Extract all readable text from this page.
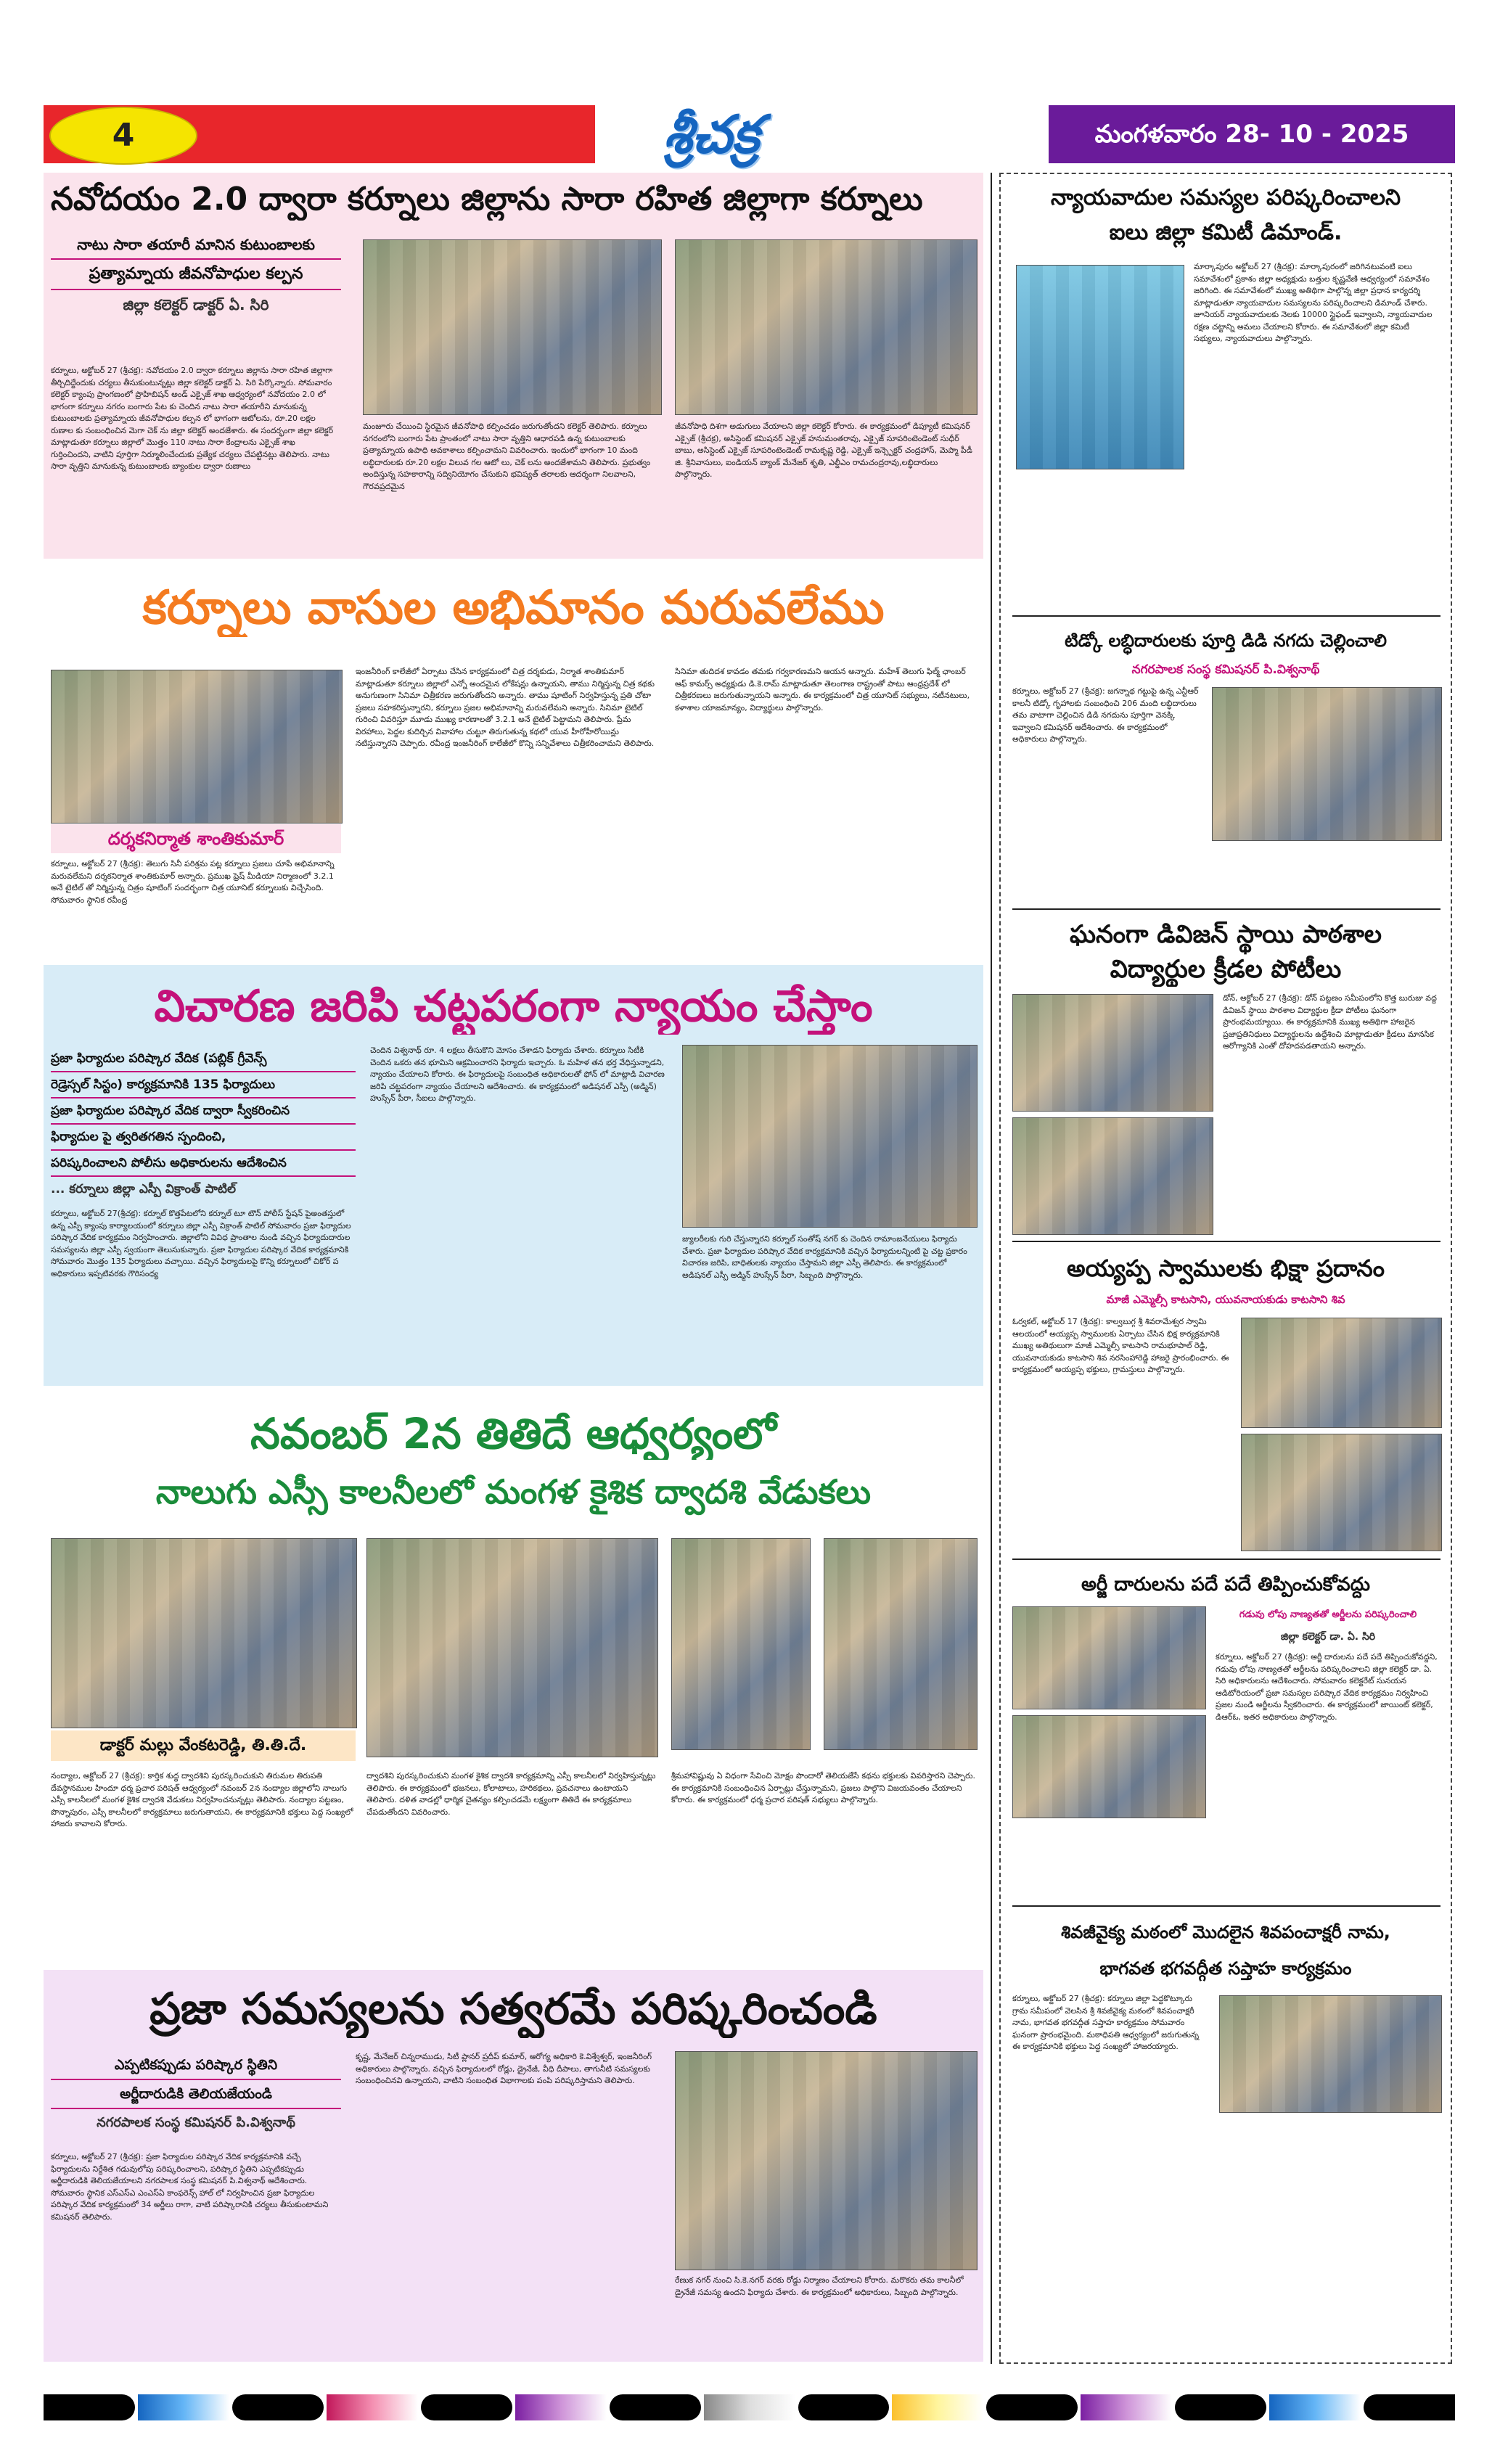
4	శ్రీచక్ర	మంగళవారం 28- 10 - 2025
నవోదయం 2.0 ద్వారా కర్నూలు జిల్లాను సారా రహిత జిల్లాగా కర్నూలు
నాటు సారా తయారీ మానిన కుటుంబాలకు
ప్రత్యామ్నాయ జీవనోపాధుల కల్పన
జిల్లా కలెక్టర్ డాక్టర్ ఏ. సిరి
కర్నూలు, అక్టోబర్ 27 (శ్రీచక్ర): నవోదయం 2.0 ద్వారా కర్నూలు జిల్లాను సారా రహిత జిల్లాగా తీర్చిదిద్దేందుకు చర్యలు తీసుకుంటున్నట్లు జిల్లా కలెక్టర్ డాక్టర్ ఏ. సిరి పేర్కొన్నారు. సోమవారం కలెక్టర్ క్యాంపు ప్రాంగణంలో ప్రొహిబిషన్ అండ్ ఎక్సైజ్ శాఖ ఆధ్వర్యంలో నవోదయం 2.0 లో భాగంగా కర్నూలు నగరం బంగారు పేట కు చెందిన నాటు సారా తయారీని మానుకున్న కుటుంబాలకు ప్రత్యామ్నాయ జీవనోపాధుల కల్పన లో భాగంగా ఆటోలను, రూ.20 లక్షల రుణాల కు సంబంధించిన మెగా చెక్ ను జిల్లా కలెక్టర్ అందజేశారు. ఈ సందర్భంగా జిల్లా కలెక్టర్ మాట్లాడుతూ కర్నూలు జిల్లాలో మొత్తం 110 నాటు సారా కేంద్రాలను ఎక్సైజ్ శాఖ గుర్తించిందని, వాటిని పూర్తిగా నిర్మూలించేందుకు ప్రత్యేక చర్యలు చేపట్టినట్లు తెలిపారు. నాటు సారా వృత్తిని మానుకున్న కుటుంబాలకు బ్యాంకుల ద్వారా రుణాలు
మంజూరు చేయించి స్థిరమైన జీవనోపాధి కల్పించడం జరుగుతోందని కలెక్టర్ తెలిపారు. కర్నూలు నగరంలోని బంగారు పేట ప్రాంతంలో నాటు సారా వృత్తిని ఆధారపడి ఉన్న కుటుంబాలకు ప్రత్యామ్నాయ ఉపాధి అవకాశాలు కల్పించామని వివరించారు. ఇందులో భాగంగా 10 మంది లబ్ధిదారులకు రూ.20 లక్షల విలువ గల ఆటో లు, చెక్ లను అందజేశామని తెలిపారు. ప్రభుత్వం అందిస్తున్న సహకారాన్ని సద్వినియోగం చేసుకుని భవిష్యత్ తరాలకు ఆదర్శంగా నిలవాలని, గౌరవప్రదమైన
జీవనోపాధి దిశగా అడుగులు వేయాలని జిల్లా కలెక్టర్ కోరారు. ఈ కార్యక్రమంలో డిప్యూటీ కమిషనర్ ఎక్సైజ్ (శ్రీచక్ర), అసిస్టెంట్ కమిషనర్ ఎక్సైజ్ హనుమంతరావు, ఎక్సైజ్ సూపరింటెండెంట్ సుధీర్ బాబు, అసిస్టెంట్ ఎక్సైజ్ సూపరింటెండెంట్ రామకృష్ణ రెడ్డి, ఎక్సైజ్ ఇన్స్పెక్టర్ చంద్రహాస్, మెప్మా పీడీ జి. శ్రీనివాసులు, ఐండియన్ బ్యాంక్ మేనేజర్ శృతి, ఎల్డీఎం రామచంద్రరావు,లబ్ధిదారులు పాల్గొన్నారు.
కర్నూలు వాసుల అభిమానం మరువలేము
దర్శకనిర్మాత శాంతికుమార్
కర్నూలు, అక్టోబర్ 27 (శ్రీచక్ర): తెలుగు సినీ పరిశ్రమ పట్ల కర్నూలు ప్రజలు చూపే అభిమానాన్ని మరువలేమని దర్శకనిర్మాత శాంతికుమార్ అన్నారు. ప్రముఖ ఫ్రెష్ మీడియా నిర్మాణంలో 3.2.1 అనే టైటిల్ తో నిర్మిస్తున్న చిత్రం షూటింగ్ సందర్భంగా చిత్ర యూనిట్ కర్నూలుకు విచ్చేసింది. సోమవారం స్థానిక రవీంద్ర
ఇంజనీరింగ్ కాలేజీలో ఏర్పాటు చేసిన కార్యక్రమంలో చిత్ర దర్శకుడు, నిర్మాత శాంతికుమార్ మాట్లాడుతూ కర్నూలు జిల్లాలో ఎన్నో అందమైన లోకేషన్లు ఉన్నాయని, తాము నిర్మిస్తున్న చిత్ర కథకు అనుగుణంగా సినిమా చిత్రీకరణ జరుగుతోందని అన్నారు. తాము షూటింగ్ నిర్వహిస్తున్న ప్రతి చోటా ప్రజలు సహకరిస్తున్నారని, కర్నూలు ప్రజల అభిమానాన్ని మరువలేమని అన్నారు. సినిమా టైటిల్ గురించి వివరిస్తూ మూడు ముఖ్య కారణాలతో 3.2.1 అనే టైటిల్ పెట్టామని తెలిపారు. ప్రేమ విరహాలు, పెద్దల కుదిర్చిన వివాహాల చుట్టూ తిరుగుతున్న కథలో యువ హీరోహీరోయిన్లు నటిస్తున్నారని చెప్పారు. రవీంద్ర ఇంజనీరింగ్ కాలేజీలో కొన్ని సన్నివేశాలు చిత్రీకరించామని తెలిపారు.
సినిమా తుదిదశ కావడం తమకు గర్వకారణమని ఆయన అన్నారు. మహేశ్ తెలుగు ఫిల్మ్ ఛాంబర్ ఆఫ్ కామర్స్ అధ్యక్షుడు డి.కె.రామ్ మాట్లాడుతూ తెలంగాణ రాష్ట్రంతో పాటు ఆంధ్రప్రదేశ్ లో చిత్రీకరణలు జరుగుతున్నాయని అన్నారు. ఈ కార్యక్రమంలో చిత్ర యూనిట్ సభ్యులు, నటీనటులు, కళాశాల యాజమాన్యం, విద్యార్థులు పాల్గొన్నారు.
విచారణ జరిపి చట్టపరంగా న్యాయం చేస్తాం
ప్రజా ఫిర్యాదుల పరిష్కార వేదిక (పబ్లిక్ గ్రీవెన్స్
రెడ్రెస్సల్ సిస్టం) కార్యక్రమానికి 135 ఫిర్యాదులు
ప్రజా ఫిర్యాదుల పరిష్కార వేదిక ద్వారా స్వీకరించిన
ఫిర్యాదుల పై త్వరితగతిన స్పందించి,
పరిష్కరించాలని పోలీసు అధికారులను ఆదేశించిన
... కర్నూలు జిల్లా ఎస్పీ విక్రాంత్ పాటిల్
కర్నూలు, అక్టోబర్ 27(శ్రీచక్ర): కర్నూల్ కొత్తపేటలోని కర్నూల్ టూ టౌన్ పోలీస్ స్టేషన్ పైఅంతస్తులో ఉన్న ఎస్పీ క్యాంపు కార్యాలయంలో కర్నూలు జిల్లా ఎస్పీ విక్రాంత్ పాటిల్ సోమవారం ప్రజా ఫిర్యాదుల పరిష్కార వేదిక కార్యక్రమం నిర్వహించారు. జిల్లాలోని వివిధ ప్రాంతాల నుండి వచ్చిన ఫిర్యాదుదారుల సమస్యలను జిల్లా ఎస్పీ స్వయంగా తెలుసుకున్నారు. ప్రజా ఫిర్యాదుల పరిష్కార వేదిక కార్యక్రమానికి సోమవారం మొత్తం 135 ఫిర్యాదులు వచ్చాయి. వచ్చిన ఫిర్యాదులపై కొన్ని కర్నూలులో చికోర్ ప అధికారులు ఇప్పటివరకు గౌరిసంధ్య
చెందిన విశ్వనాథ్ రూ. 4 లక్షలు తీసుకొని మోసం చేశాడని ఫిర్యాదు చేశారు. కర్నూలు సిటీకి చెందిన ఒకరు తన భూమిని ఆక్రమించారని ఫిర్యాదు ఇచ్చారు. ఓ మహిళ తన భర్త వేధిస్తున్నాడని, న్యాయం చేయాలని కోరారు. ఈ ఫిర్యాదులపై సంబంధిత అధికారులతో ఫోన్ లో మాట్లాడి విచారణ జరిపి చట్టపరంగా న్యాయం చేయాలని ఆదేశించారు. ఈ కార్యక్రమంలో అడిషనల్ ఎస్పీ (అడ్మిన్) హుస్సేన్ పీరా, సీఐలు పాల్గొన్నారు.
జ్యులరీలకు గురి చేస్తున్నారని కర్నూల్ సంతోష్ నగర్ కు చెందిన రామాంజనేయులు ఫిర్యాదు చేశారు. ప్రజా ఫిర్యాదుల పరిష్కార వేదిక కార్యక్రమానికి వచ్చిన ఫిర్యాదులన్నింటి పై చట్ట ప్రకారం విచారణ జరిపి, బాధితులకు న్యాయం చేస్తామని జిల్లా ఎస్పీ తెలిపారు. ఈ కార్యక్రమంలో అడిషనల్ ఎస్పీ అడ్మిన్ హుస్సేన్ పీరా, సిబ్బంది పాల్గొన్నారు.
నవంబర్ 2న తితిదే ఆధ్వర్యంలో
నాలుగు ఎస్సీ కాలనీలలో మంగళ కైశిక ద్వాదశి వేడుకలు
డాక్టర్ మల్లు వేంకటరెడ్డి, తి.తి.దే.
నంద్యాల, అక్టోబర్ 27 (శ్రీచక్ర): కార్తిక శుద్ధ ద్వాదశిని పురస్కరించుకుని తిరుమల తిరుపతి దేవస్థానముల హిందూ ధర్మ ప్రచార పరిషత్ ఆధ్వర్యంలో నవంబర్ 2న నంద్యాల జిల్లాలోని నాలుగు ఎస్సీ కాలనీలలో మంగళ కైశిక ద్వాదశి వేడుకలు నిర్వహించనున్నట్లు తెలిపారు. నంద్యాల పట్టణం, పొన్నాపురం, ఎస్సీ కాలనీలలో కార్యక్రమాలు జరుగుతాయని, ఈ కార్యక్రమానికి భక్తులు పెద్ద సంఖ్యలో హాజరు కావాలని కోరారు.
ద్వాదశిని పురస్కరించుకుని మంగళ కైశిక ద్వాదశి కార్యక్రమాన్ని ఎస్సీ కాలనీలలో నిర్వహిస్తున్నట్లు తెలిపారు. ఈ కార్యక్రమంలో భజనలు, కోలాటాలు, హరికథలు, ప్రవచనాలు ఉంటాయని తెలిపారు. దళిత వాడల్లో ధార్మిక చైతన్యం కల్పించడమే లక్ష్యంగా తితిదే ఈ కార్యక్రమాలు చేపడుతోందని వివరించారు.
శ్రీమహావిష్ణువు ఏ విధంగా సేవించి మోక్షం పొందారో తెలియజేసే కథను భక్తులకు వివరిస్తారని చెప్పారు. ఈ కార్యక్రమానికి సంబంధించిన ఏర్పాట్లు చేస్తున్నామని, ప్రజలు పాల్గొని విజయవంతం చేయాలని కోరారు. ఈ కార్యక్రమంలో ధర్మ ప్రచార పరిషత్ సభ్యులు పాల్గొన్నారు.
ప్రజా సమస్యలను సత్వరమే పరిష్కరించండి
ఎప్పటికప్పుడు పరిష్కార స్థితిని
అర్జీదారుడికి తెలియజేయండి
నగరపాలక సంస్థ కమిషనర్ పి.విశ్వనాథ్
కర్నూలు, అక్టోబర్ 27 (శ్రీచక్ర): ప్రజా ఫిర్యాదుల పరిష్కార వేదిక కార్యక్రమానికి వచ్చే ఫిర్యాదులను నిర్దేశిత గడువులోపు పరిష్కరించాలని, పరిష్కార స్థితిని ఎప్పటికప్పుడు అర్జీదారుడికి తెలియజేయాలని నగరపాలక సంస్థ కమిషనర్ పి.విశ్వనాథ్ ఆదేశించారు. సోమవారం స్థానిక ఎస్ఎస్ఎ ఎంఎస్ఏ కాంఫరెన్స్ హాల్ లో నిర్వహించిన ప్రజా ఫిర్యాదుల పరిష్కార వేదిక కార్యక్రమంలో 34 అర్జీలు రాగా, వాటి పరిష్కారానికి చర్యలు తీసుకుంటామని కమిషనర్ తెలిపారు.
కృష్ణ, మేనేజర్ చిన్నరాముడు, సిటీ ప్లానర్ ప్రదీప్ కుమార్, ఆరోగ్య అధికారి కె.విశ్వేశ్వర్, ఇంజనీరింగ్ అధికారులు పాల్గొన్నారు. వచ్చిన ఫిర్యాదులలో రోడ్లు, డ్రైనేజీ, వీధి దీపాలు, తాగునీటి సమస్యలకు సంబంధించినవి ఉన్నాయని, వాటిని సంబంధిత విభాగాలకు పంపి పరిష్కరిస్తామని తెలిపారు.
రేణుక నగర్ నుంచి సి.కె.నగర్ వరకు రోడ్డు నిర్మాణం చేయాలని కోరారు. మరొకరు తమ కాలనీలో డ్రైనేజీ సమస్య ఉందని ఫిర్యాదు చేశారు. ఈ కార్యక్రమంలో అధికారులు, సిబ్బంది పాల్గొన్నారు.
న్యాయవాదుల సమస్యల పరిష్కరించాలని
ఐలు జిల్లా కమిటీ డిమాండ్.
మార్కాపురం అక్టోబర్ 27 (శ్రీచక్ర): మార్కాపురంలో జరిగినటువంటి ఐలు సమావేశంలో ప్రకాశం జిల్లా అధ్యక్షుడు బత్తుల కృష్ణవేణి ఆధ్వర్యంలో సమావేశం జరిగింది. ఈ సమావేశంలో ముఖ్య అతిథిగా పాల్గొన్న జిల్లా ప్రధాన కార్యదర్శి మాట్లాడుతూ న్యాయవాదుల సమస్యలను పరిష్కరించాలని డిమాండ్ చేశారు. జూనియర్ న్యాయవాదులకు నెలకు 10000 స్టైఫండ్ ఇవ్వాలని, న్యాయవాదుల రక్షణ చట్టాన్ని అమలు చేయాలని కోరారు. ఈ సమావేశంలో జిల్లా కమిటీ సభ్యులు, న్యాయవాదులు పాల్గొన్నారు.
టిడ్కో లబ్ధిదారులకు పూర్తి డిడి నగదు చెల్లించాలి
నగరపాలక సంస్థ కమిషనర్ పి.విశ్వనాథ్
కర్నూలు, అక్టోబర్ 27 (శ్రీచక్ర): జగన్నాథ గట్టుపై ఉన్న ఎన్టీఆర్ కాలనీ టిడ్కో గృహాలకు సంబంధించి 206 మంది లబ్ధిదారులు తమ వాటాగా చెల్లించిన డిడి నగదును పూర్తిగా వెనక్కి ఇవ్వాలని కమిషనర్ ఆదేశించారు. ఈ కార్యక్రమంలో అధికారులు పాల్గొన్నారు.
ఘనంగా డివిజన్ స్థాయి పాఠశాల
విద్యార్థుల క్రీడల పోటీలు
డోన్, అక్టోబర్ 27 (శ్రీచక్ర): డోన్ పట్టణం సమీపంలోని కొత్త బురుజు వద్ద డివిజన్ స్థాయి పాఠశాల విద్యార్థుల క్రీడా పోటీలు ఘనంగా ప్రారంభమయ్యాయి. ఈ కార్యక్రమానికి ముఖ్య అతిథిగా హాజరైన ప్రజాప్రతినిధులు విద్యార్థులను ఉద్దేశించి మాట్లాడుతూ క్రీడలు మానసిక ఆరోగ్యానికి ఎంతో దోహదపడతాయని అన్నారు.
అయ్యప్ప స్వాములకు భిక్షా ప్రదానం
మాజీ ఎమ్మెల్సీ కాటసాని, యువనాయకుడు కాటసాని శివ
ఓర్వకల్, అక్టోబర్ 17 (శ్రీచక్ర): కాల్వబుగ్గ శ్రీ శివరామేశ్వర స్వామి ఆలయంలో అయ్యప్ప స్వాములకు ఏర్పాటు చేసిన భిక్ష కార్యక్రమానికి ముఖ్య అతిథులుగా మాజీ ఎమ్మెల్సీ కాటసాని రామభూపాల్ రెడ్డి, యువనాయకుడు కాటసాని శివ నరసింహారెడ్డి హాజరై ప్రారంభించారు. ఈ కార్యక్రమంలో అయ్యప్ప భక్తులు, గ్రామస్తులు పాల్గొన్నారు.
అర్జీ దారులను పదే పదే తిప్పించుకోవద్దు
గడువు లోపు నాణ్యతతో అర్జీలను పరిష్కరించాలి
జిల్లా కలెక్టర్ డా. ఏ. సిరి
కర్నూలు, అక్టోబర్ 27 (శ్రీచక్ర): అర్జీ దారులను పదే పదే తిప్పించుకోవద్దని, గడువు లోపు నాణ్యతతో అర్జీలను పరిష్కరించాలని జిల్లా కలెక్టర్ డా. ఏ. సిరి అధికారులను ఆదేశించారు. సోమవారం కలెక్టరేట్ సునయన ఆడిటోరియంలో ప్రజా సమస్యల పరిష్కార వేదిక కార్యక్రమం నిర్వహించి ప్రజల నుండి అర్జీలను స్వీకరించారు. ఈ కార్యక్రమంలో జాయింట్ కలెక్టర్, డిఆర్ఓ, ఇతర అధికారులు పాల్గొన్నారు.
శివజీవైక్య మఠంలో మొదలైన శివపంచాక్షరీ నామ,
భాగవత భగవద్గీత సప్తాహ కార్యక్రమం
కర్నూలు, అక్టోబర్ 27 (శ్రీచక్ర): కర్నూలు జిల్లా పెద్దకొట్కూరు గ్రామ సమీపంలో వెలసిన శ్రీ శివజీవైక్య మఠంలో శివపంచాక్షరీ నామ, భాగవత భగవద్గీత సప్తాహ కార్యక్రమం సోమవారం ఘనంగా ప్రారంభమైంది. మఠాధిపతి ఆధ్వర్యంలో జరుగుతున్న ఈ కార్యక్రమానికి భక్తులు పెద్ద సంఖ్యలో హాజరయ్యారు.
